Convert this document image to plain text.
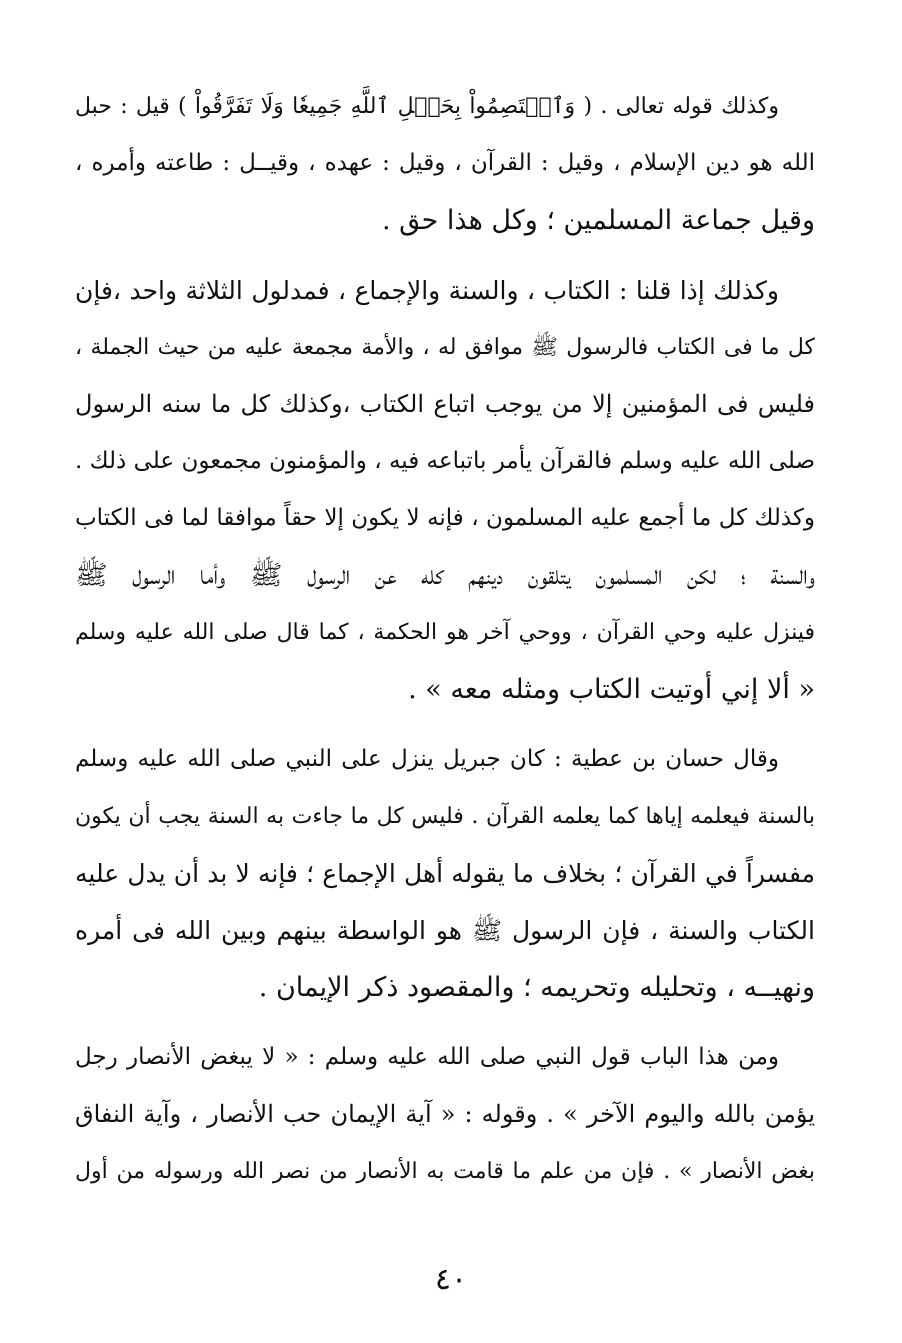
وكذلك قوله تعالى . ( وَٱعۡتَصِمُواْ بِحَبۡلِ ٱللَّهِ جَمِيعٗا وَلَا تَفَرَّقُواْ ) قيل : حبل
الله هو دين الإسلام ، وقيل : القرآن ، وقيل : عهده ، وقيــل : طاعته وأمره ،
وقيل جماعة المسلمين ؛ وكل هذا حق .
وكذلك إذا قلنا : الكتاب ، والسنة والإجماع ، فمدلول الثلاثة واحد ،فإن
كل ما فى الكتاب فالرسول ﷺ موافق له ، والأمة مجمعة عليه من حيث الجملة ،
فليس فى المؤمنين إلا من يوجب اتباع الكتاب ،وكذلك كل ما سنه الرسول
صلى الله عليه وسلم فالقرآن يأمر باتباعه فيه ، والمؤمنون مجمعون على ذلك .
وكذلك كل ما أجمع عليه المسلمون ، فإنه لا يكون إلا حقاً موافقا لما فى الكتاب
والسنة ؛ لكن المسلمون يتلقون دينهم كله عن الرسول ﷺ وأما الرسول ﷺ
فينزل عليه وحي القرآن ، ووحي آخر هو الحكمة ، كما قال صلى الله عليه وسلم
« ألا إني أوتيت الكتاب ومثله معه » .
وقال حسان بن عطية : كان جبريل ينزل على النبي صلى الله عليه وسلم
بالسنة فيعلمه إياها كما يعلمه القرآن . فليس كل ما جاءت به السنة يجب أن يكون
مفسراً في القرآن ؛ بخلاف ما يقوله أهل الإجماع ؛ فإنه لا بد أن يدل عليه
الكتاب والسنة ، فإن الرسول ﷺ هو الواسطة بينهم وبين الله فى أمره
ونهيــه ، وتحليله وتحريمه ؛ والمقصود ذكر الإيمان .
ومن هذا الباب قول النبي صلى الله عليه وسلم : « لا يبغض الأنصار رجل
يؤمن بالله واليوم الآخر » . وقوله : « آية الإيمان حب الأنصار ، وآية النفاق
بغض الأنصار » . فإن من علم ما قامت به الأنصار من نصر الله ورسوله من أول
٤٠
